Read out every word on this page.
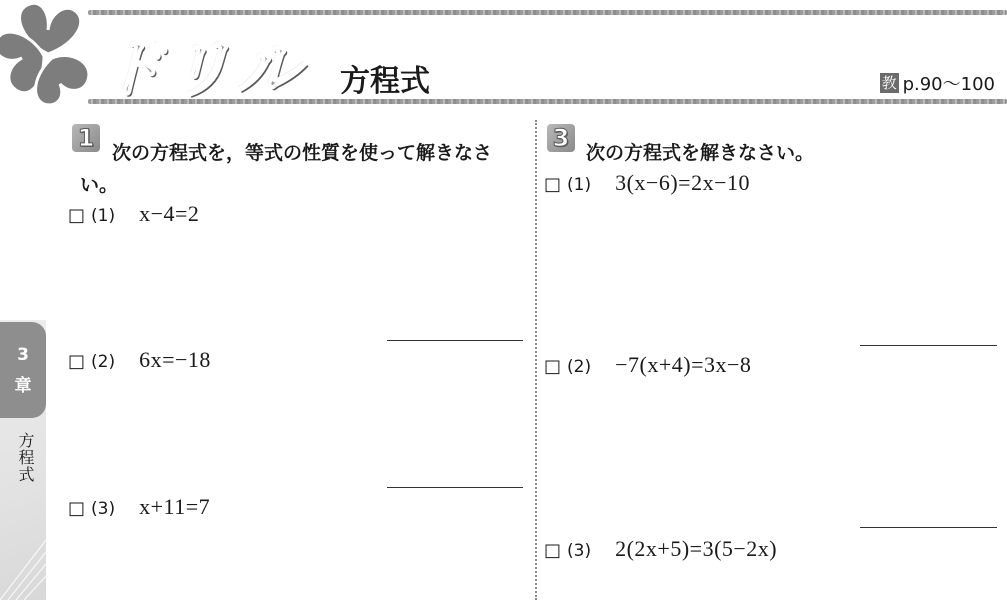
ドリル 方程式	教 p.90～100
3
章
方程式
1
次の方程式を，等式の性質を使って解きなさ
い。
□ (1) x−4=2
□ (2) 6x=−18
□ (3) x+11=7
3
次の方程式を解きなさい。
□ (1) 3(x−6)=2x−10
□ (2) −7(x+4)=3x−8
□ (3) 2(2x+5)=3(5−2x)
